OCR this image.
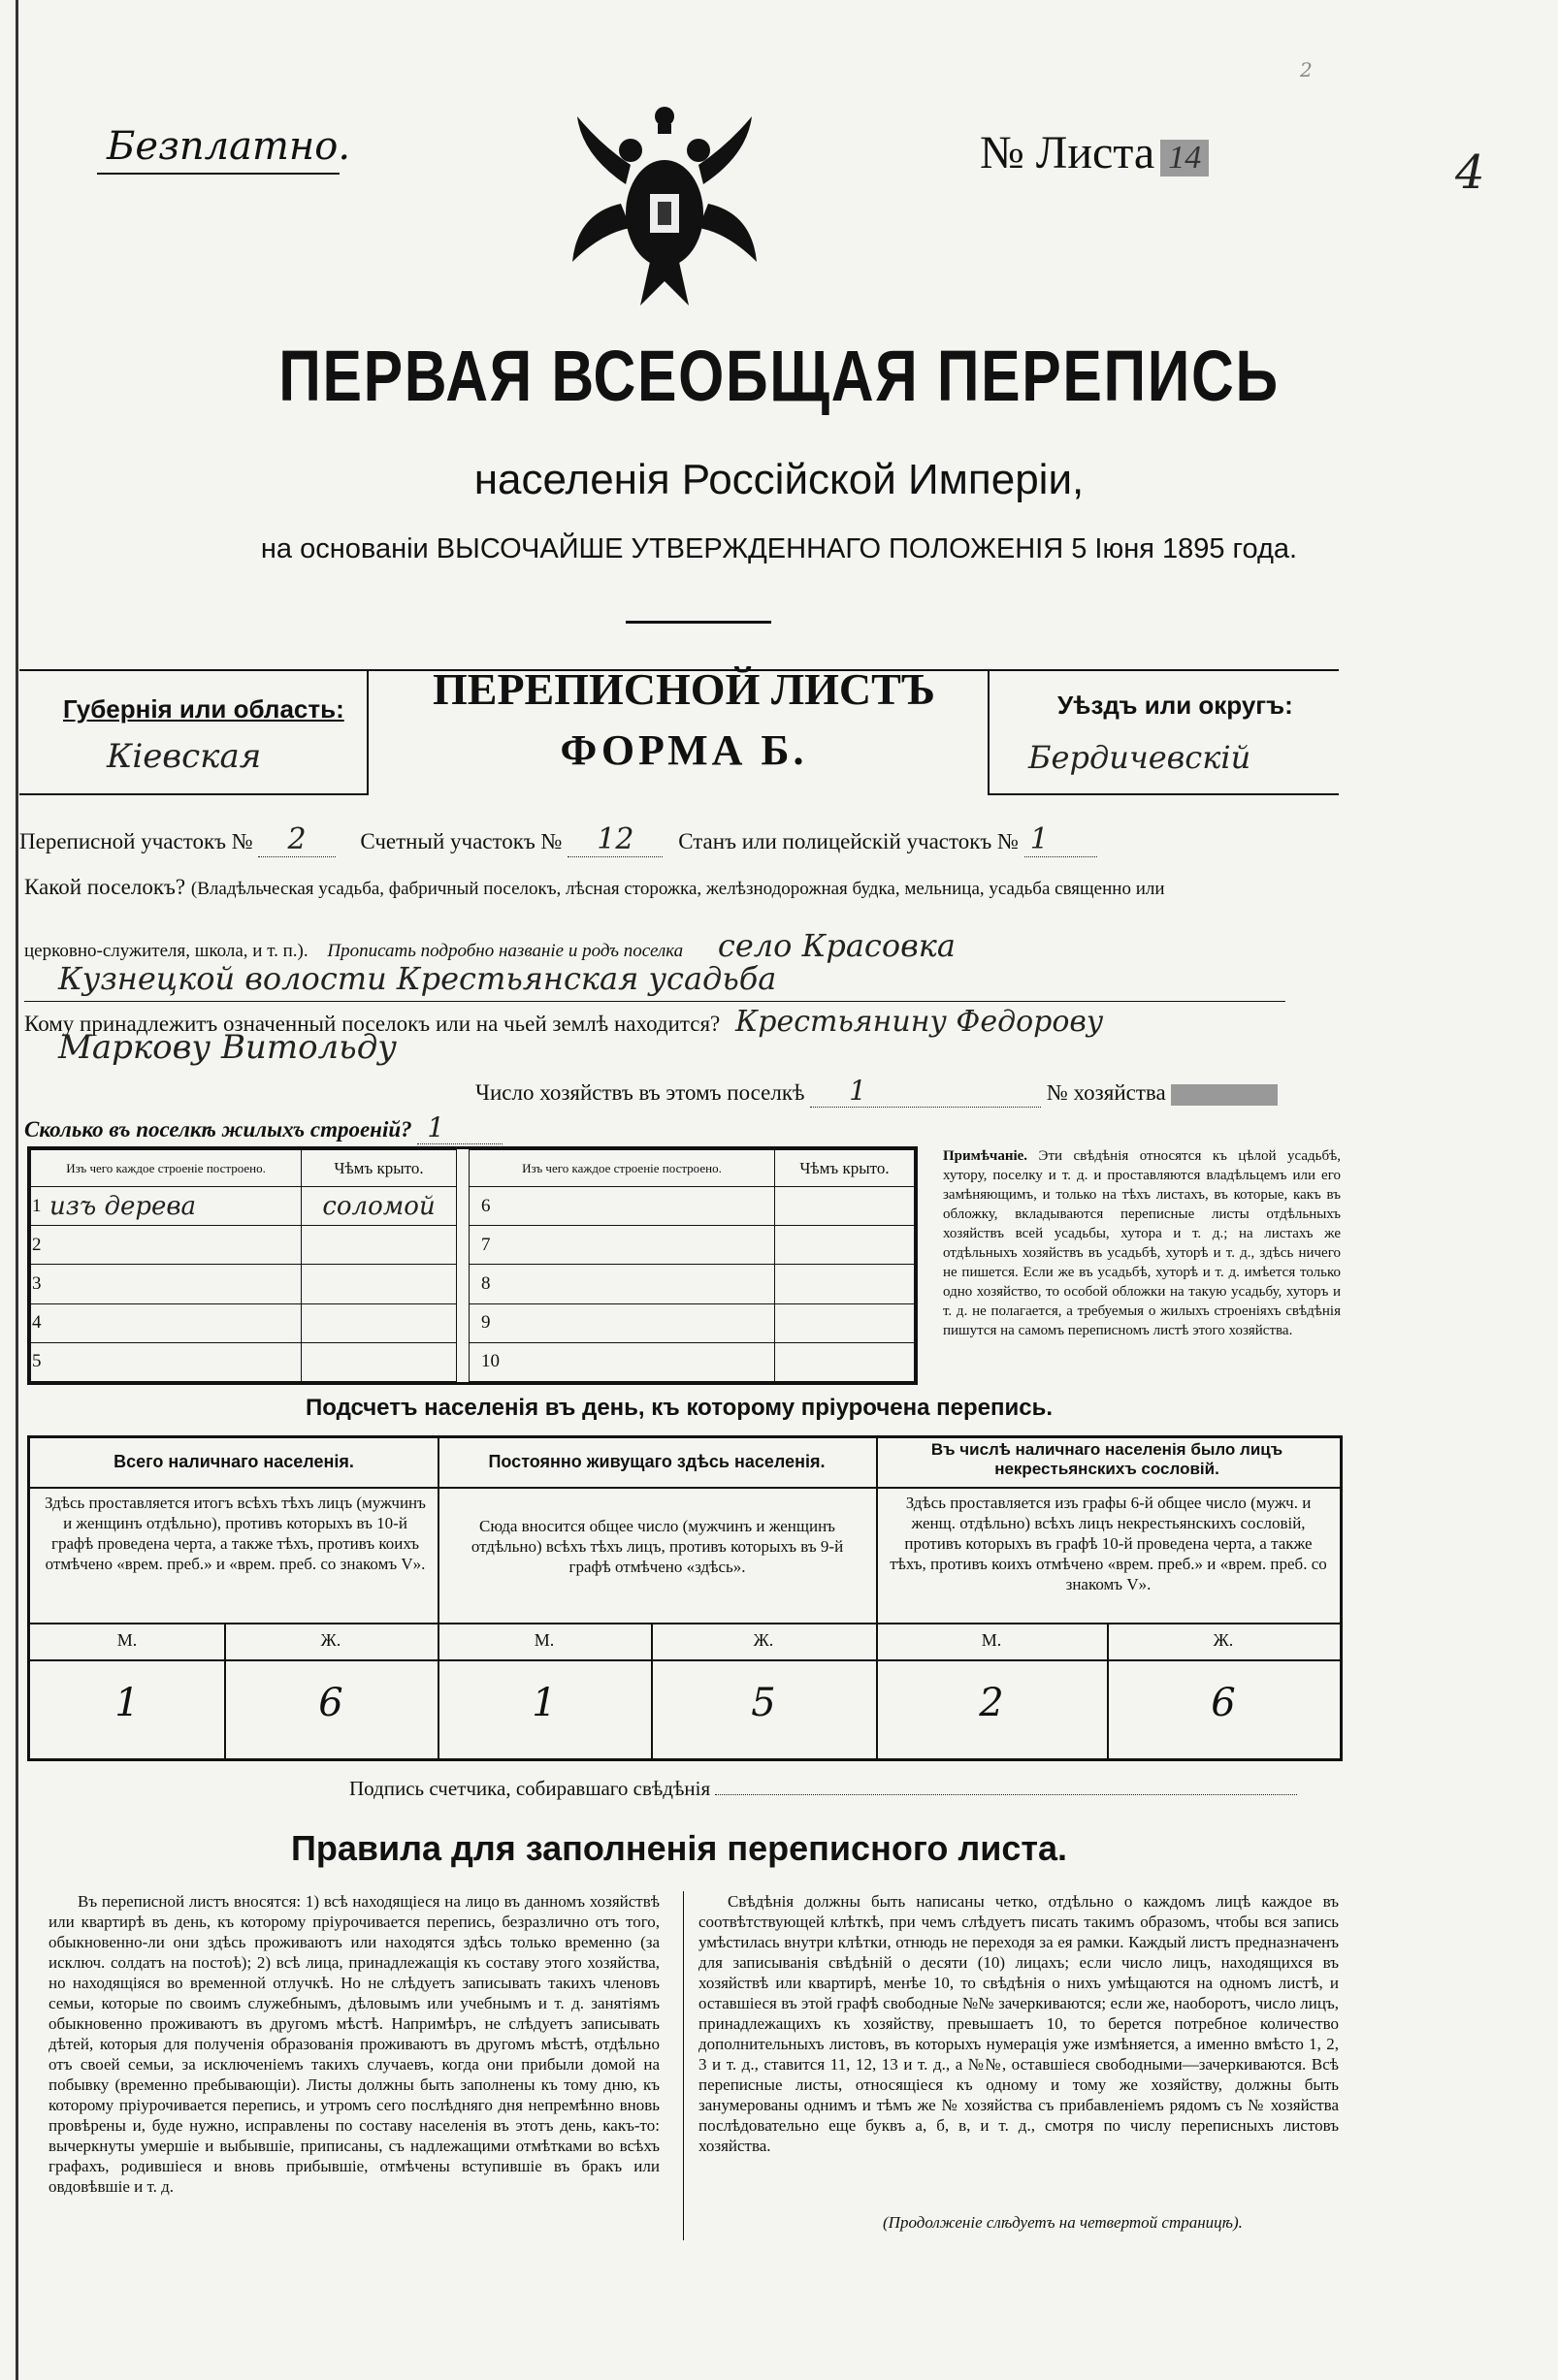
Безплатно.	№ Листа 14	4
2
ПЕРВАЯ ВСЕОБЩАЯ ПЕРЕПИСЬ
населенія Россійской Имперіи,
на основаніи ВЫСОЧАЙШЕ УТВЕРЖДЕННАГО ПОЛОЖЕНІЯ 5 Іюня 1895 года.
Губернія или область:
Кіевская
ПЕРЕПИСНОЙ ЛИСТЪ
ФОРМА Б.
Уѣздъ или округъ:
Бердичевскій
Переписной участокъ № 2 Счетный участокъ № 12 Станъ или полицейскій участокъ № 1
Какой поселокъ? (Владѣльческая усадьба, фабричный поселокъ, лѣсная сторожка, желѣзнодорожная будка, мельница, усадьба священно или
церковно-служителя, школа, и т. п.). Прописать подробно названіе и родъ поселка село Красовка
Кузнецкой волости Крестьянская усадьба
Кому принадлежитъ означенный поселокъ или на чьей землѣ находится? Крестьянину Федорову
Маркову Витольду
Число хозяйствъ въ этомъ поселкѣ 1	№ хозяйства
Сколько въ поселкѣ жилыхъ строеній? 1
Изъ чего каждое строеніе построено.		Чѣмъ крыто.
1	изъ дерева	соломой
2		
3		
4		
5		
Изъ чего каждое строеніе построено.		Чѣмъ крыто.
6		
7		
8		
9		
10		
Примѣчаніе. Эти свѣдѣнія относятся къ цѣлой усадьбѣ, хутору, поселку и т. д. и проставляются владѣльцемъ или его замѣняющимъ, и только на тѣхъ листахъ, въ которые, какъ въ обложку, вкладываются переписные листы отдѣльныхъ хозяйствъ всей усадьбы, хутора и т. д.; на листахъ же отдѣльныхъ хозяйствъ въ усадьбѣ, хуторѣ и т. д., здѣсь ничего не пишется. Если же въ усадьбѣ, хуторѣ и т. д. имѣется только одно хозяйство, то особой обложки на такую усадьбу, хуторъ и т. д. не полагается, а требуемыя о жилыхъ строеніяхъ свѣдѣнія пишутся на самомъ переписномъ листѣ этого хозяйства.
Подсчетъ населенія въ день, къ которому пріурочена перепись.
Всего наличнаго населенія.	Постоянно живущаго здѣсь населенія.
Въ числѣ наличнаго населенія было лицъ некрестьянскихъ сословій.
Здѣсь проставляется итогъ всѣхъ тѣхъ лицъ (мужчинъ и женщинъ отдѣльно), противъ которыхъ въ 10-й графѣ проведена черта, а также тѣхъ, противъ коихъ отмѣчено «врем. преб.» и «врем. преб. со знакомъ V».
Сюда вносится общее число (мужчинъ и женщинъ отдѣльно) всѣхъ тѣхъ лицъ, противъ которыхъ въ 9-й графѣ отмѣчено «здѣсь».
Здѣсь проставляется изъ графы 6-й общее число (мужч. и женщ. отдѣльно) всѣхъ лицъ некрестьянскихъ сословій, противъ которыхъ въ графѣ 10-й проведена черта, а также тѣхъ, противъ коихъ отмѣчено «врем. преб.» и «врем. преб. со знакомъ V».
М.	Ж.	М.	Ж.	М.	Ж.
1	6	1	5	2	6
Подпись счетчика, собиравшаго свѣдѣнія
Правила для заполненія переписного листа.
Въ переписной листъ вносятся: 1) всѣ находящіеся на лицо въ данномъ хозяйствѣ или квартирѣ въ день, къ которому пріурочивается перепись, безразлично отъ того, обыкновенно-ли они здѣсь проживаютъ или находятся здѣсь только временно (за исключ. солдатъ на постоѣ); 2) всѣ лица, принадлежащія къ составу этого хозяйства, но находящіяся во временной отлучкѣ. Но не слѣдуетъ записывать такихъ членовъ семьи, которые по своимъ служебнымъ, дѣловымъ или учебнымъ и т. д. занятіямъ обыкновенно проживаютъ въ другомъ мѣстѣ. Напримѣръ, не слѣдуетъ записывать дѣтей, которыя для полученія образованія проживаютъ въ другомъ мѣстѣ, отдѣльно отъ своей семьи, за исключеніемъ такихъ случаевъ, когда они прибыли домой на побывку (временно пребывающіи). Листы должны быть заполнены къ тому дню, къ которому пріурочивается перепись, и утромъ сего послѣдняго дня непремѣнно вновь провѣрены и, буде нужно, исправлены по составу населенія въ этотъ день, какъ-то: вычеркнуты умершіе и выбывшіе, приписаны, съ надлежащими отмѣтками во всѣхъ графахъ, родившіеся и вновь прибывшіе, отмѣчены вступившіе въ бракъ или овдовѣвшіе и т. д.
Свѣдѣнія должны быть написаны четко, отдѣльно о каждомъ лицѣ каждое въ соотвѣтствующей клѣткѣ, при чемъ слѣдуетъ писать такимъ образомъ, чтобы вся запись умѣстилась внутри клѣтки, отнюдь не переходя за ея рамки. Каждый листъ предназначенъ для записыванія свѣдѣній о десяти (10) лицахъ; если число лицъ, находящихся въ хозяйствѣ или квартирѣ, менѣе 10, то свѣдѣнія о нихъ умѣщаются на одномъ листѣ, и оставшіеся въ этой графѣ свободные №№ зачеркиваются; если же, наоборотъ, число лицъ, принадлежащихъ къ хозяйству, превышаетъ 10, то берется потребное количество дополнительныхъ листовъ, въ которыхъ нумерація уже измѣняется, а именно вмѣсто 1, 2, 3 и т. д., ставится 11, 12, 13 и т. д., а №№, оставшіеся свободными—зачеркиваются. Всѣ переписные листы, относящіеся къ одному и тому же хозяйству, должны быть занумерованы однимъ и тѣмъ же № хозяйства съ прибавленіемъ рядомъ съ № хозяйства послѣдовательно еще буквъ а, б, в, и т. д., смотря по числу переписныхъ листовъ хозяйства.
(Продолженіе слѣдуетъ на четвертой страницѣ).
